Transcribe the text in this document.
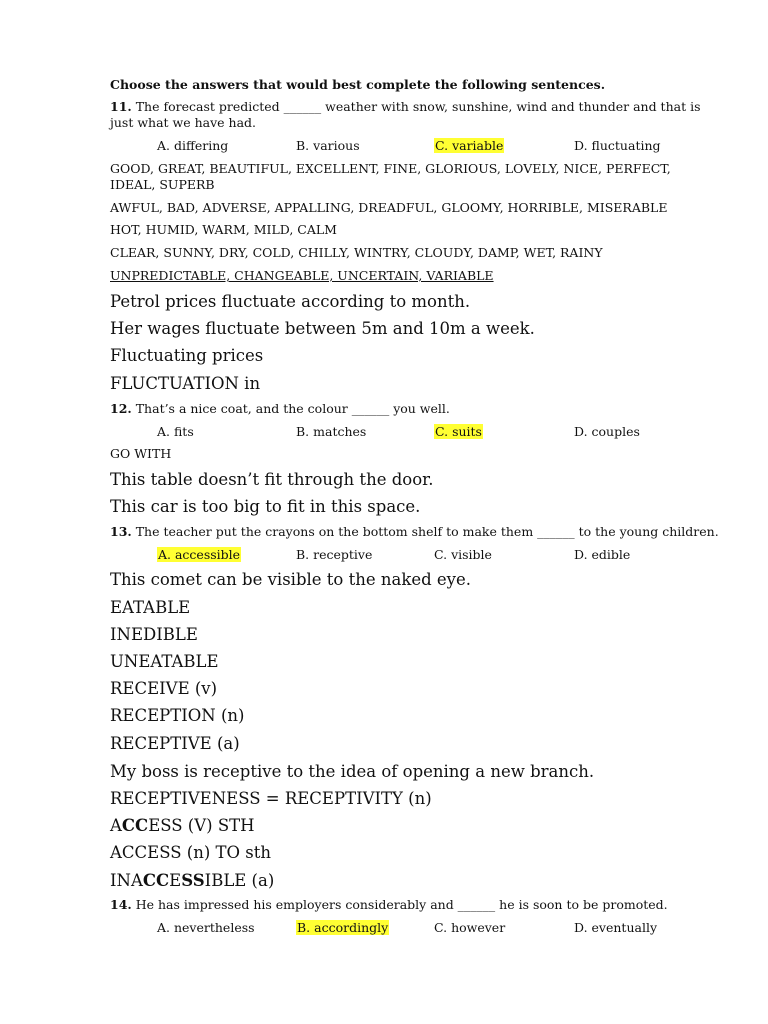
Choose the answers that would best complete the following sentences.
11. The forecast predicted ______ weather with snow, sunshine, wind and thunder and that is just what we have had.
A. differing	B. various	C. variable	D. fluctuating
GOOD, GREAT, BEAUTIFUL, EXCELLENT, FINE, GLORIOUS, LOVELY, NICE, PERFECT, IDEAL, SUPERB
AWFUL, BAD, ADVERSE, APPALLING, DREADFUL, GLOOMY, HORRIBLE, MISERABLE
HOT, HUMID, WARM, MILD, CALM
CLEAR, SUNNY, DRY, COLD, CHILLY, WINTRY, CLOUDY, DAMP, WET, RAINY
UNPREDICTABLE, CHANGEABLE, UNCERTAIN, VARIABLE
Petrol prices fluctuate according to month.
Her wages fluctuate between 5m and 10m a week.
Fluctuating prices
FLUCTUATION in
12. That’s a nice coat, and the colour ______ you well.
A. fits	B. matches	C. suits	D. couples
GO WITH
This table doesn’t fit through the door.
This car is too big to fit in this space.
13. The teacher put the crayons on the bottom shelf to make them ______ to the young children.
A. accessible	B. receptive	C. visible	D. edible
This comet can be visible to the naked eye.
EATABLE
INEDIBLE
UNEATABLE
RECEIVE (v)
RECEPTION (n)
RECEPTIVE (a)
My boss is receptive to the idea of opening a new branch.
RECEPTIVENESS = RECEPTIVITY (n)
ACCESS (V) STH
ACCESS (n) TO sth
INACCESSIBLE (a)
14. He has impressed his employers considerably and ______ he is soon to be promoted.
A. nevertheless	B. accordingly	C. however	D. eventually
